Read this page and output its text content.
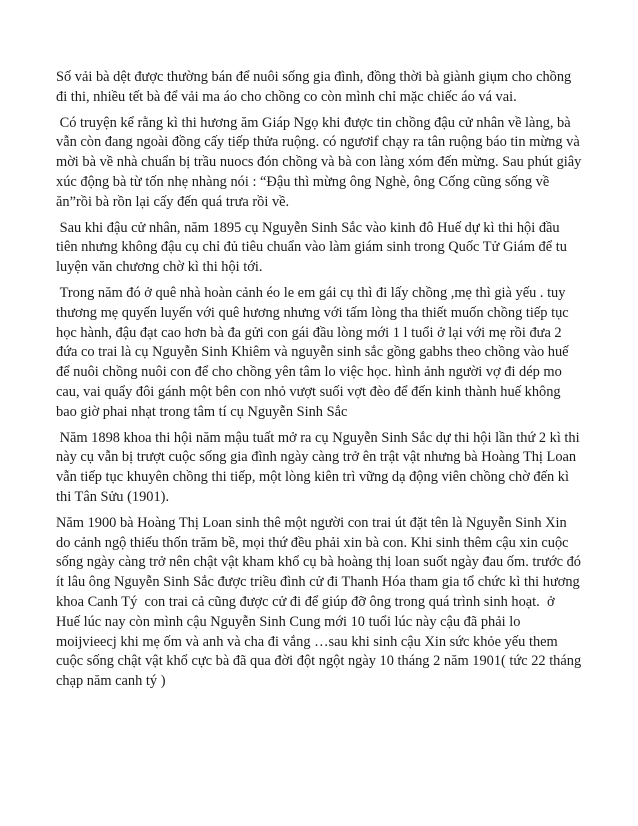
Số vải bà dệt được thường bán để nuôi sống gia đình, đồng thời bà giành giụm cho chồng đi thi, nhiều tết bà để vải ma áo cho chồng co còn mình chỉ mặc chiếc áo vá vai.

Có truyện kể rằng kì thi hương ăm Giáp Ngọ khi được tin chồng đậu cử nhân về làng, bà vẫn còn đang ngoài đồng cấy tiếp thửa ruộng. có ngươif chạy ra tân ruộng báo tin mừng và mời bà về nhà chuẩn bị trầu nuocs đón chồng và bà con làng xóm đến mừng. Sau phút giây xúc động bà từ tốn nhẹ nhàng nói : “Đậu thì mừng ông Nghè, ông Cống cũng sống về ăn”rồi bà rồn lại cấy đến quá trưa rồi về.

Sau khi đậu cử nhân, năm 1895 cụ Nguyễn Sinh Sắc vào kinh đô Huế dự kì thi hội đầu tiên nhưng không đậu cụ chỉ đủ tiêu chuẩn vào làm giám sinh trong Quốc Tử Giám để tu luyện văn chương chờ kì thi hội tới.

Trong năm đó ở quê nhà hoàn cảnh éo le em gái cụ thì đi lấy chồng ,mẹ thì già yếu . tuy thương mẹ quyến luyến với quê hương nhưng với tấm lòng tha thiết muốn chồng tiếp tục học hành, đậu đạt cao hơn bà đa gửi con gái đầu lòng mới 1 l tuổi ở lại với mẹ rồi đưa 2 đứa co trai là cụ Nguyễn Sinh Khiêm và nguyễn sinh sắc gồng gabhs theo chồng vào huế để nuôi chồng nuôi con để cho chồng yên tâm lo việc học. hình ảnh người vợ đi dép mo cau, vai quẩy đôi gánh một bên con nhỏ vượt suối vợt đèo để đến kinh thành huế không bao giờ phai nhạt trong tâm tí cụ Nguyễn Sinh Sắc

Năm 1898 khoa thi hội năm mậu tuất mở ra cụ Nguyễn Sinh Sắc dự thi hội lần thứ 2 kì thi này cụ vẫn bị trượt cuộc sống gia đình ngày càng trở ên trật vật nhưng bà Hoàng Thị Loan vẫn tiếp tục khuyên chồng thi tiếp, một lòng kiên trì vững dạ động viên chồng chờ đến kì thi Tân Sửu (1901).

Năm 1900 bà Hoàng Thị Loan sinh thê một người con trai út đặt tên là Nguyễn Sinh Xin do cảnh ngộ thiếu thốn trăm bề, mọi thứ đều phải xin bà con. Khi sinh thêm cậu xin cuộc sống ngày càng trở nên chật vật kham khổ cụ bà hoàng thị loan suốt ngày đau ốm. trước đó ít lâu ông Nguyễn Sinh Sắc được triều đình cử đi Thanh Hóa tham gia tổ chức kì thi hương khoa Canh Tý  con trai cả cũng được cử đi để giúp đỡ ông trong quá trình sinh hoạt.  ở Huế lúc nay còn mình cậu Nguyễn Sinh Cung mới 10 tuổi lúc này cậu đã phải lo moijvieecj khi mẹ ốm và anh và cha đi vắng …sau khi sinh cậu Xin sức khỏe yếu them cuộc sống chật vật khổ cực bà đã qua đời đột ngột ngày 10 tháng 2 năm 1901( tức 22 tháng chạp năm canh tý )
